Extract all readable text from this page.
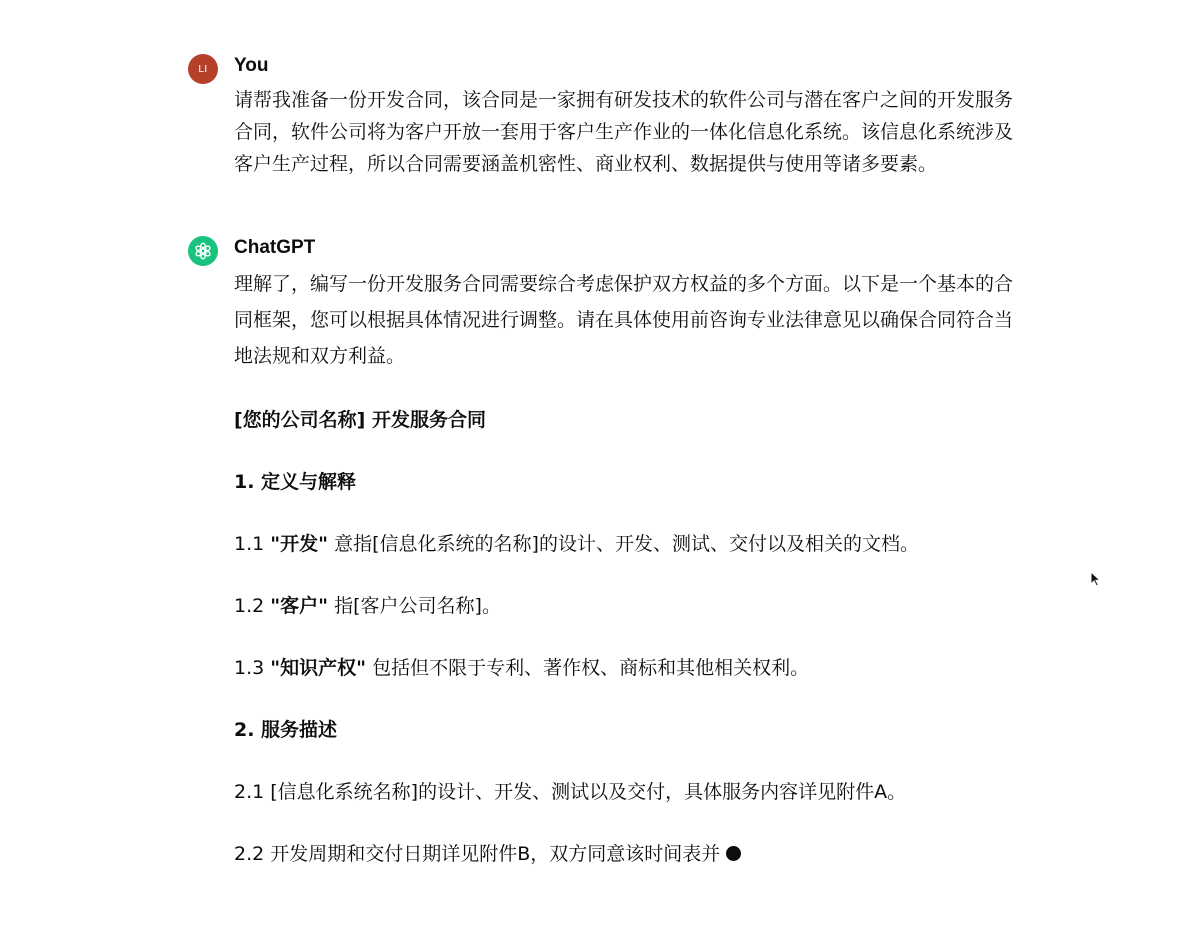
LI You

请帮我准备一份开发合同，该合同是一家拥有研发技术的软件公司与潜在客户之间的开发服务合同，软件公司将为客户开放一套用于客户生产作业的一体化信息化系统。该信息化系统涉及客户生产过程，所以合同需要涵盖机密性、商业权利、数据提供与使用等诸多要素。

ChatGPT

理解了，编写一份开发服务合同需要综合考虑保护双方权益的多个方面。以下是一个基本的合同框架，您可以根据具体情况进行调整。请在具体使用前咨询专业法律意见以确保合同符合当地法规和双方利益。

[您的公司名称] 开发服务合同

1. 定义与解释

1.1 "开发" 意指[信息化系统的名称]的设计、开发、测试、交付以及相关的文档。

1.2 "客户" 指[客户公司名称]。

1.3 "知识产权" 包括但不限于专利、著作权、商标和其他相关权利。

2. 服务描述

2.1 [信息化系统名称]的设计、开发、测试以及交付，具体服务内容详见附件A。

2.2 开发周期和交付日期详见附件B，双方同意该时间表并
